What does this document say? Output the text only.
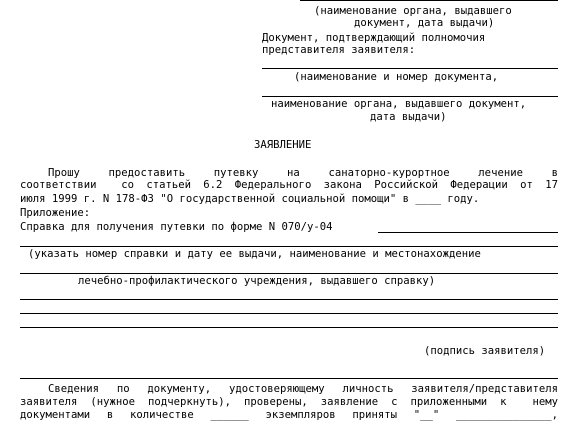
(наименование органа, выдавшего
документ, дата выдачи)
Документ, подтверждающий полномочия
представителя заявителя:
(наименование и номер документа,
наименование органа, выдавшего документ,
дата выдачи)
ЗАЯВЛЕНИЕ
Прошу  предоставить  путевку  на  санаторно-курортное  лечение  в
соответствии  со статьей 6.2 Федерального закона Российской Федерации от 17
июля 1999 г. N 178-ФЗ "О государственной социальной помощи" в ____ году.
Приложение:
Справка для получения путевки по форме N 070/у-04
(указать номер справки и дату ее выдачи, наименование и местонахождение
лечебно-профилактического учреждения, выдавшего справку)
(подпись заявителя)
Сведения по документу, удостоверяющему личность заявителя/представителя
заявителя (нужное подчеркнуть), проверены, заявление с приложенными к  нему
документами в количестве ______ экземпляров приняты "__" _______________,
